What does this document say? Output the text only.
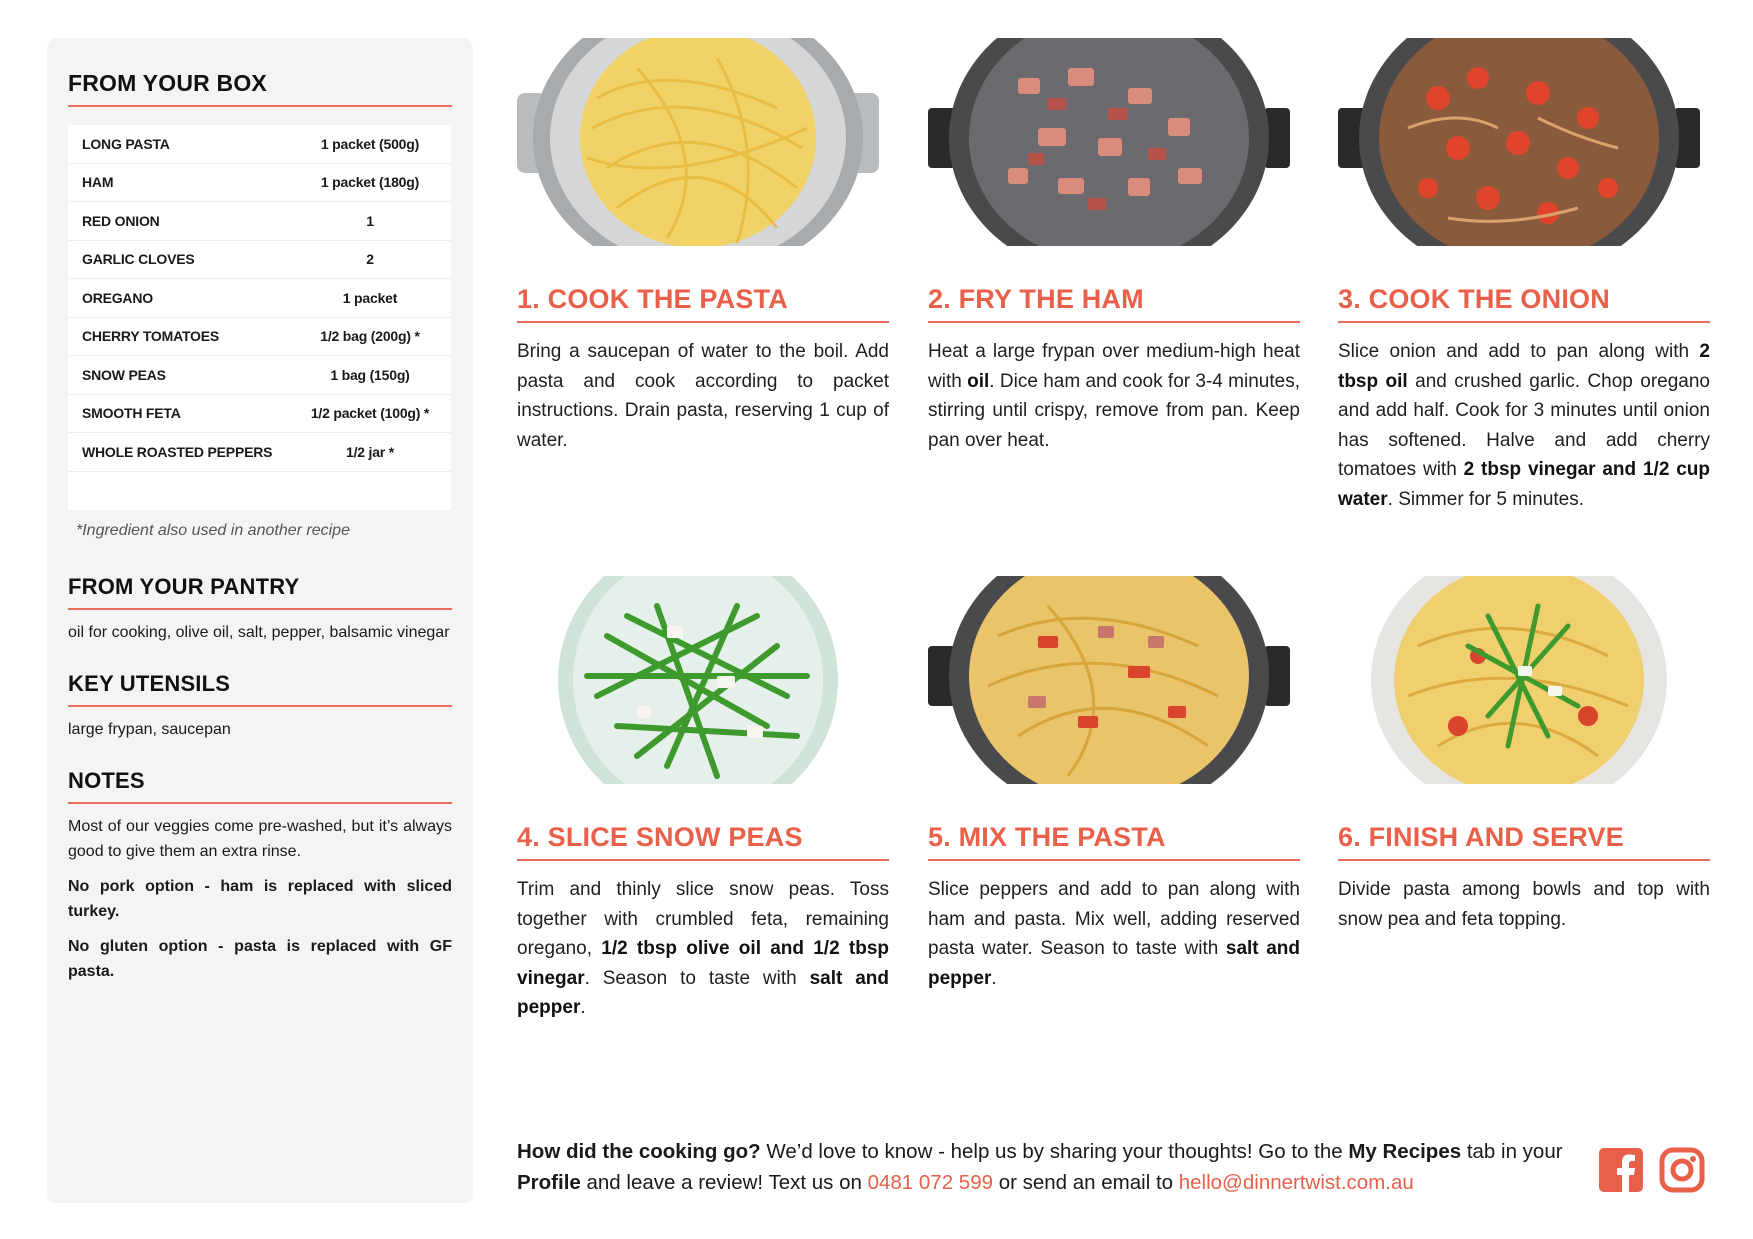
FROM YOUR BOX
LONG PASTA	1 packet (500g)
HAM	1 packet (180g)
RED ONION	1
GARLIC CLOVES	2
OREGANO	1 packet
CHERRY TOMATOES	1/2 bag (200g) *
SNOW PEAS	1 bag (150g)
SMOOTH FETA	1/2 packet (100g) *
WHOLE ROASTED PEPPERS	1/2 jar *
*Ingredient also used in another recipe
FROM YOUR PANTRY
oil for cooking, olive oil, salt, pepper, balsamic vinegar
KEY UTENSILS
large frypan, saucepan
NOTES
Most of our veggies come pre-washed, but it’s always good to give them an extra rinse.
No pork option - ham is replaced with sliced turkey.
No gluten option - pasta is replaced with GF pasta.
1. COOK THE PASTA
Bring a saucepan of water to the boil. Add pasta and cook according to packet instructions. Drain pasta, reserving 1 cup of water.
2. FRY THE HAM
Heat a large frypan over medium-high heat with oil. Dice ham and cook for 3-4 minutes, stirring until crispy, remove from pan. Keep pan over heat.
3. COOK THE ONION
Slice onion and add to pan along with 2 tbsp oil and crushed garlic. Chop oregano and add half. Cook for 3 minutes until onion has softened. Halve and add cherry tomatoes with 2 tbsp vinegar and 1/2 cup water. Simmer for 5 minutes.
4. SLICE SNOW PEAS
Trim and thinly slice snow peas. Toss together with crumbled feta, remaining oregano, 1/2 tbsp olive oil and 1/2 tbsp vinegar. Season to taste with salt and pepper.
5. MIX THE PASTA
Slice peppers and add to pan along with ham and pasta. Mix well, adding reserved pasta water. Season to taste with salt and pepper.
6. FINISH AND SERVE
Divide pasta among bowls and top with snow pea and feta topping.
How did the cooking go? We’d love to know - help us by sharing your thoughts! Go to the My Recipes tab in your Profile and leave a review! Text us on 0481 072 599 or send an email to hello@dinnertwist.com.au
